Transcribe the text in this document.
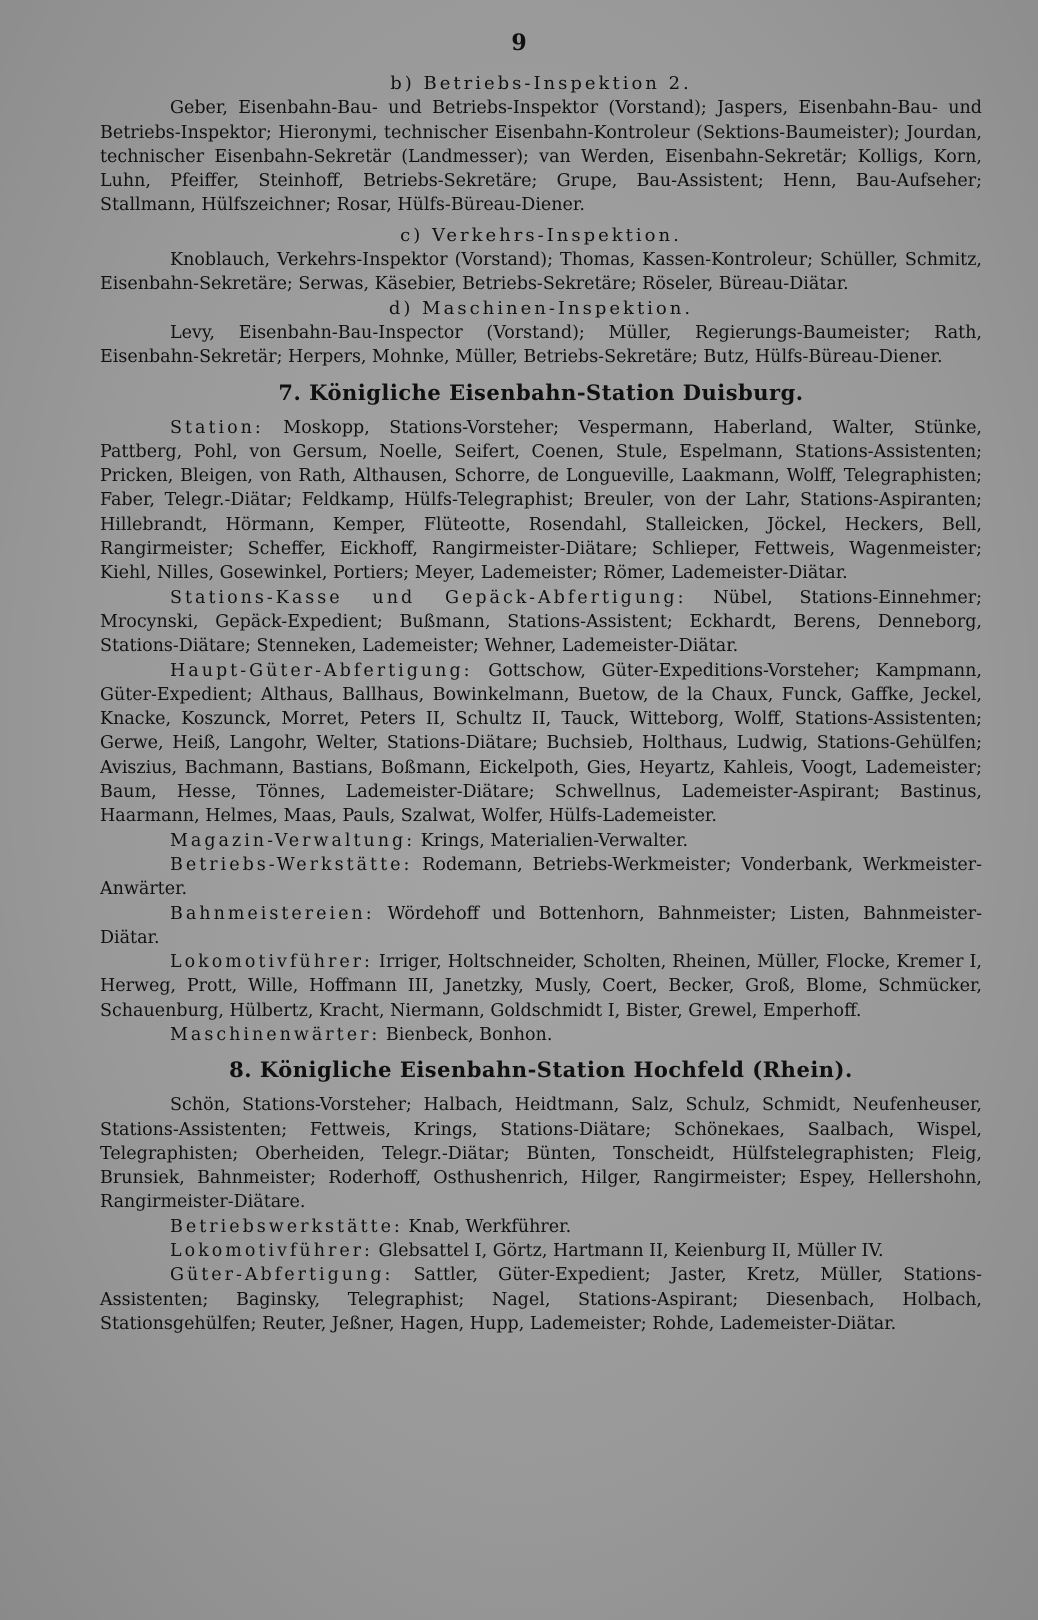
9

b) Betriebs-Inspektion 2.

Geber, Eisenbahn-Bau- und Betriebs-Inspektor (Vorstand); Jaspers, Eisenbahn-Bau- und Betriebs-Inspektor; Hieronymi, technischer Eisenbahn-Kontroleur (Sektions-Baumeister); Jourdan, technischer Eisenbahn-Sekretär (Landmesser); van Werden, Eisenbahn-Sekretär; Kolligs, Korn, Luhn, Pfeiffer, Steinhoff, Betriebs-Sekretäre; Grupe, Bau-Assistent; Henn, Bau-Aufseher; Stallmann, Hülfszeichner; Rosar, Hülfs-Büreau-Diener.

c) Verkehrs-Inspektion.

Knoblauch, Verkehrs-Inspektor (Vorstand); Thomas, Kassen-Kontroleur; Schüller, Schmitz, Eisenbahn-Sekretäre; Serwas, Käsebier, Betriebs-Sekretäre; Röseler, Büreau-Diätar.

d) Maschinen-Inspektion.

Levy, Eisenbahn-Bau-Inspector (Vorstand); Müller, Regierungs-Baumeister; Rath, Eisenbahn-Sekretär; Herpers, Mohnke, Müller, Betriebs-Sekretäre; Butz, Hülfs-Büreau-Diener.

7. Königliche Eisenbahn-Station Duisburg.

Station: Moskopp, Stations-Vorsteher; Vespermann, Haberland, Walter, Stünke, Pattberg, Pohl, von Gersum, Noelle, Seifert, Coenen, Stule, Espelmann, Stations-Assistenten; Pricken, Bleigen, von Rath, Althausen, Schorre, de Longueville, Laakmann, Wolff, Telegraphisten; Faber, Telegr.-Diätar; Feldkamp, Hülfs-Telegraphist; Breuler, von der Lahr, Stations-Aspiranten; Hillebrandt, Hörmann, Kemper, Flüteotte, Rosendahl, Stalleicken, Jöckel, Heckers, Bell, Rangirmeister; Scheffer, Eickhoff, Rangirmeister-Diätare; Schlieper, Fettweis, Wagenmeister; Kiehl, Nilles, Gosewinkel, Portiers; Meyer, Lademeister; Römer, Lademeister-Diätar.

Stations-Kasse und Gepäck-Abfertigung: Nübel, Stations-Einnehmer; Mrocynski, Gepäck-Expedient; Bußmann, Stations-Assistent; Eckhardt, Berens, Denneborg, Stations-Diätare; Stenneken, Lademeister; Wehner, Lademeister-Diätar.

Haupt-Güter-Abfertigung: Gottschow, Güter-Expeditions-Vorsteher; Kampmann, Güter-Expedient; Althaus, Ballhaus, Bowinkelmann, Buetow, de la Chaux, Funck, Gaffke, Jeckel, Knacke, Koszunck, Morret, Peters II, Schultz II, Tauck, Witteborg, Wolff, Stations-Assistenten; Gerwe, Heiß, Langohr, Welter, Stations-Diätare; Buchsieb, Holthaus, Ludwig, Stations-Gehülfen; Aviszius, Bachmann, Bastians, Boßmann, Eickelpoth, Gies, Heyartz, Kahleis, Voogt, Lademeister; Baum, Hesse, Tönnes, Lademeister-Diätare; Schwellnus, Lademeister-Aspirant; Bastinus, Haarmann, Helmes, Maas, Pauls, Szalwat, Wolfer, Hülfs-Lademeister.

Magazin-Verwaltung: Krings, Materialien-Verwalter.

Betriebs-Werkstätte: Rodemann, Betriebs-Werkmeister; Vonderbank, Werkmeister-Anwärter.

Bahnmeistereien: Wördehoff und Bottenhorn, Bahnmeister; Listen, Bahnmeister-Diätar.

Lokomotivführer: Irriger, Holtschneider, Scholten, Rheinen, Müller, Flocke, Kremer I, Herweg, Prott, Wille, Hoffmann III, Janetzky, Musly, Coert, Becker, Groß, Blome, Schmücker, Schauenburg, Hülbertz, Kracht, Niermann, Goldschmidt I, Bister, Grewel, Emperhoff.

Maschinenwärter: Bienbeck, Bonhon.

8. Königliche Eisenbahn-Station Hochfeld (Rhein).

Schön, Stations-Vorsteher; Halbach, Heidtmann, Salz, Schulz, Schmidt, Neufenheuser, Stations-Assistenten; Fettweis, Krings, Stations-Diätare; Schönekaes, Saalbach, Wispel, Telegraphisten; Oberheiden, Telegr.-Diätar; Bünten, Tonscheidt, Hülfstelegraphisten; Fleig, Brunsiek, Bahnmeister; Roderhoff, Osthushenrich, Hilger, Rangirmeister; Espey, Hellershohn, Rangirmeister-Diätare.

Betriebswerkstätte: Knab, Werkführer.

Lokomotivführer: Glebsattel I, Görtz, Hartmann II, Keienburg II, Müller IV.

Güter-Abfertigung: Sattler, Güter-Expedient; Jaster, Kretz, Müller, Stations-Assistenten; Baginsky, Telegraphist; Nagel, Stations-Aspirant; Diesenbach, Holbach, Stationsgehülfen; Reuter, Jeßner, Hagen, Hupp, Lademeister; Rohde, Lademeister-Diätar.
